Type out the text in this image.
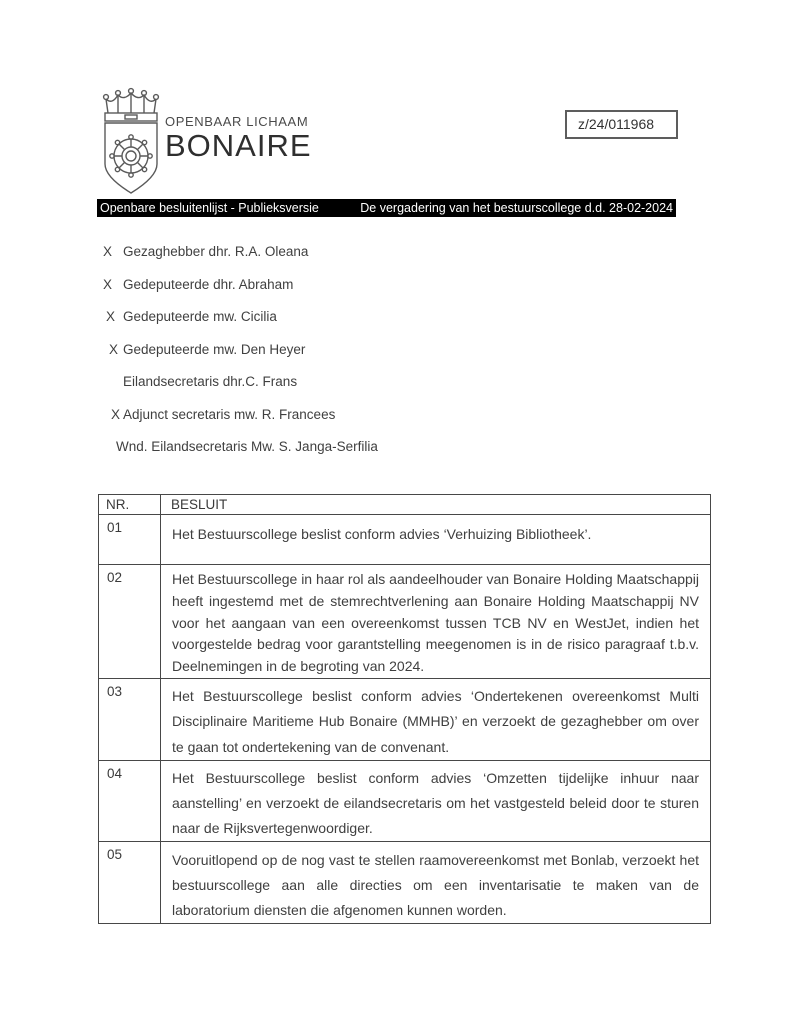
OPENBAAR LICHAAM
BONAIRE
z/24/011968
Openbare besluitenlijst - Publieksversie	De vergadering van het bestuurscollege d.d. 28-02-2024
X Gezaghebber dhr. R.A. Oleana
X Gedeputeerde dhr. Abraham
X Gedeputeerde mw. Cicilia
X Gedeputeerde mw. Den Heyer
Eilandsecretaris dhr.C. Frans
X Adjunct secretaris mw. R. Francees
Wnd. Eilandsecretaris Mw. S. Janga-Serfilia
NR.	BESLUIT
01	Het Bestuurscollege beslist conform advies ‘Verhuizing Bibliotheek’.
02	Het Bestuurscollege in haar rol als aandeelhouder van Bonaire Holding Maatschappij heeft ingestemd met de stemrechtverlening aan Bonaire Holding Maatschappij NV voor het aangaan van een overeenkomst tussen TCB NV en WestJet, indien het voorgestelde bedrag voor garantstelling meegenomen is in de risico paragraaf t.b.v. Deelnemingen in de begroting van 2024.
03	Het Bestuurscollege beslist conform advies ‘Ondertekenen overeenkomst Multi Disciplinaire Maritieme Hub Bonaire (MMHB)’ en verzoekt de gezaghebber om over te gaan tot ondertekening van de convenant.
04	Het Bestuurscollege beslist conform advies ‘Omzetten tijdelijke inhuur naar aanstelling’ en verzoekt de eilandsecretaris om het vastgesteld beleid door te sturen naar de Rijksvertegenwoordiger.
05	Vooruitlopend op de nog vast te stellen raamovereenkomst met Bonlab, verzoekt het bestuurscollege aan alle directies om een inventarisatie te maken van de laboratorium diensten die afgenomen kunnen worden.
